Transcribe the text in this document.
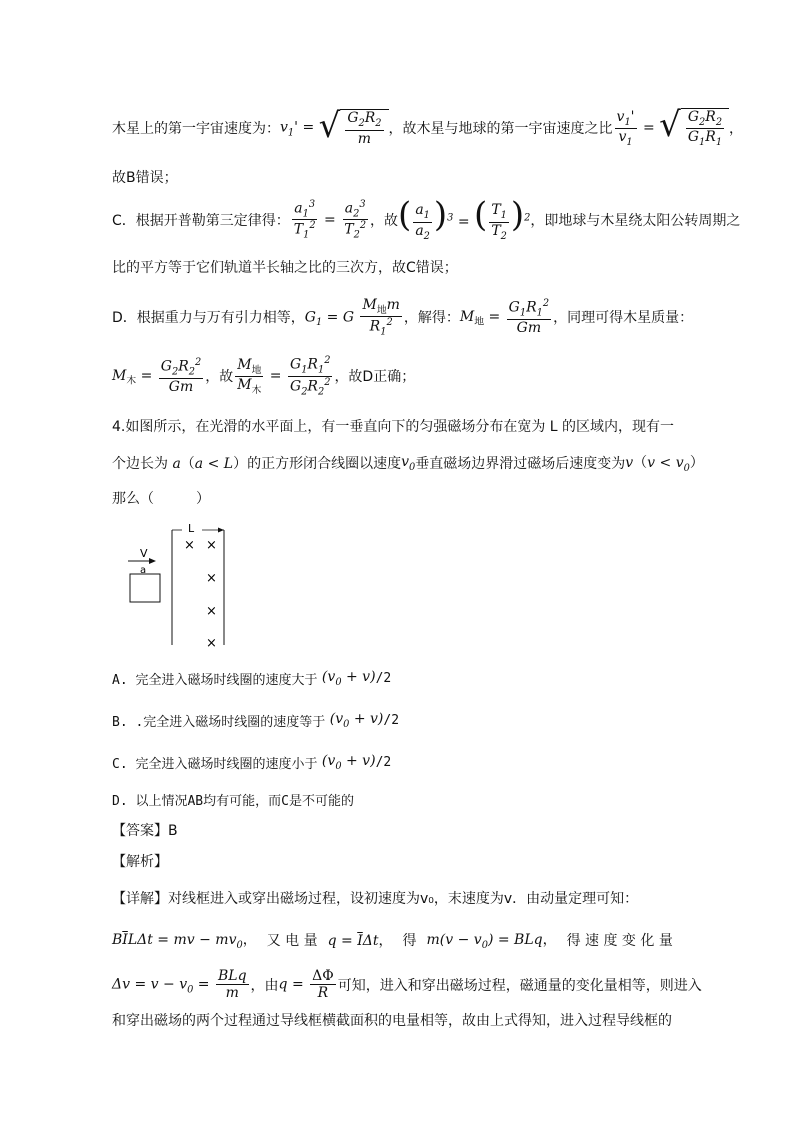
木星上的第一宇宙速度为： $v_1'$ = √ $\frac{G_2R_2}{m}$ ，故木星与地球的第一宇宙速度之比 $\frac{v_1'}{v_1}$ = √ $\frac{G_2R_2}{G_1R_1}$ ，
故B错误；
C．根据开普勒第三定律得： $\frac{a_1^3}{T_1^2} = \frac{a_2^3}{T_2^2}$ ，故 ( $\frac{a_1}{a_2} )^3$ = ( $\frac{T_1}{T_2} )^2$ ，即地球与木星绕太阳公转周期之
比的平方等于它们轨道半长轴之比的三次方，故C错误；
D．根据重力与万有引力相等， $G_1 = G \frac{M_地m}{R_1^2}$ ，解得： $M_地 = \frac{G_1R_1^2}{Gm}$ ，同理可得木星质量：
$M_木 = \frac{G_2R_2^2}{Gm}$ ，故 $\frac{M_地}{M_木} = \frac{G_1R_1^2}{G_2R_2^2}$ ，故D正确；
4.如图所示，在光滑的水平面上，有一垂直向下的匀强磁场分布在宽为 L 的区域内，现有一
个边长为 a（a < L） 的正方形闭合线圈以速度 $v_0$ 垂直磁场边界滑过磁场后速度变为 $v(v < v_0)$
那么（　　　）
L
× ×
×
×
×
V
a
A. 完全进入磁场时线圈的速度大于 $(v_0 + v)$ /2
B. .完全进入磁场时线圈的速度等于 $(v_0 + v)$ /2
C. 完全进入磁场时线圈的速度小于 $(v_0 + v)$ /2
D. 以上情况AB均有可能，而C是不可能的
【答案】B
【解析】
【详解】对线框进入或穿出磁场过程，设初速度为v₀，末速度为v．由动量定理可知：
$B\overline{I}L\Delta t$ = mv − $mv_0$， 又 电 量 $q = \overline{I}\Delta t$， 得 $m(v - v_0)$ = BLq， 得 速 度 变 化 量
$\Delta v = v - v_0 = \frac{\text{BLq}}{m}$ ，由 $q = \frac{\Delta\Phi}{R}$ 可知，进入和穿出磁场过程，磁通量的变化量相等，则进入
和穿出磁场的两个过程通过导线框横截面积的电量相等，故由上式得知，进入过程导线框的
